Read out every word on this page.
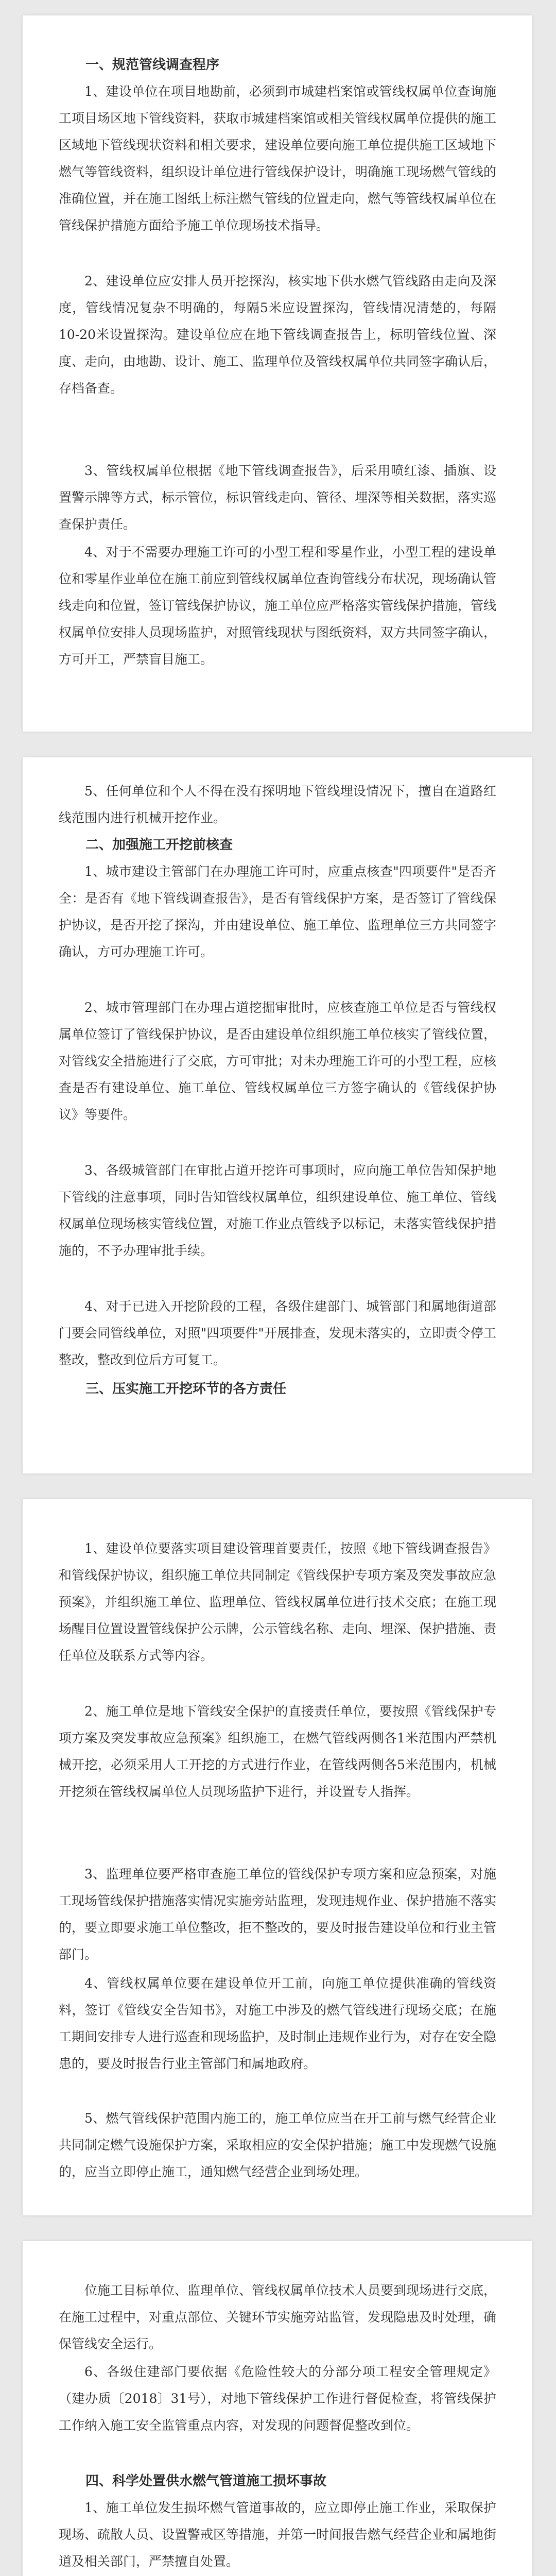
一、规范管线调查程序

1、建设单位在项目地勘前，必须到市城建档案馆或管线权属单位查询施工项目场区地下管线资料，获取市城建档案馆或相关管线权属单位提供的施工区域地下管线现状资料和相关要求，建设单位要向施工单位提供施工区域地下燃气等管线资料，组织设计单位进行管线保护设计，明确施工现场燃气管线的准确位置，并在施工图纸上标注燃气管线的位置走向，燃气等管线权属单位在管线保护措施方面给予施工单位现场技术指导。

2、建设单位应安排人员开挖探沟，核实地下供水燃气管线路由走向及深度，管线情况复杂不明确的，每隔5米应设置探沟，管线情况清楚的，每隔10-20米设置探沟。建设单位应在地下管线调查报告上，标明管线位置、深度、走向，由地勘、设计、施工、监理单位及管线权属单位共同签字确认后，存档备查。

3、管线权属单位根据《地下管线调查报告》，后采用喷红漆、插旗、设置警示牌等方式，标示管位，标识管线走向、管径、埋深等相关数据，落实巡查保护责任。

4、对于不需要办理施工许可的小型工程和零星作业，小型工程的建设单位和零星作业单位在施工前应到管线权属单位查询管线分布状况，现场确认管线走向和位置，签订管线保护协议，施工单位应严格落实管线保护措施，管线权属单位安排人员现场监护，对照管线现状与图纸资料，双方共同签字确认，方可开工，严禁盲目施工。

5、任何单位和个人不得在没有探明地下管线埋设情况下，擅自在道路红线范围内进行机械开挖作业。

二、加强施工开挖前核查

1、城市建设主管部门在办理施工许可时，应重点核查"四项要件"是否齐全：是否有《地下管线调查报告》，是否有管线保护方案，是否签订了管线保护协议，是否开挖了探沟，并由建设单位、施工单位、监理单位三方共同签字确认，方可办理施工许可。

2、城市管理部门在办理占道挖掘审批时，应核查施工单位是否与管线权属单位签订了管线保护协议，是否由建设单位组织施工单位核实了管线位置，对管线安全措施进行了交底，方可审批；对未办理施工许可的小型工程，应核查是否有建设单位、施工单位、管线权属单位三方签字确认的《管线保护协议》等要件。

3、各级城管部门在审批占道开挖许可事项时，应向施工单位告知保护地下管线的注意事项，同时告知管线权属单位，组织建设单位、施工单位、管线权属单位现场核实管线位置，对施工作业点管线予以标记，未落实管线保护措施的，不予办理审批手续。

4、对于已进入开挖阶段的工程，各级住建部门、城管部门和属地街道部门要会同管线单位，对照"四项要件"开展排查，发现未落实的，立即责令停工整改，整改到位后方可复工。

三、压实施工开挖环节的各方责任

1、建设单位要落实项目建设管理首要责任，按照《地下管线调查报告》和管线保护协议，组织施工单位共同制定《管线保护专项方案及突发事故应急预案》，并组织施工单位、监理单位、管线权属单位进行技术交底；在施工现场醒目位置设置管线保护公示牌，公示管线名称、走向、埋深、保护措施、责任单位及联系方式等内容。

2、施工单位是地下管线安全保护的直接责任单位，要按照《管线保护专项方案及突发事故应急预案》组织施工，在燃气管线两侧各1米范围内严禁机械开挖，必须采用人工开挖的方式进行作业，在管线两侧各5米范围内，机械开挖须在管线权属单位人员现场监护下进行，并设置专人指挥。

3、监理单位要严格审查施工单位的管线保护专项方案和应急预案，对施工现场管线保护措施落实情况实施旁站监理，发现违规作业、保护措施不落实的，要立即要求施工单位整改，拒不整改的，要及时报告建设单位和行业主管部门。

4、管线权属单位要在建设单位开工前，向施工单位提供准确的管线资料，签订《管线安全告知书》，对施工中涉及的燃气管线进行现场交底；在施工期间安排专人进行巡查和现场监护，及时制止违规作业行为，对存在安全隐患的，要及时报告行业主管部门和属地政府。

5、燃气管线保护范围内施工的，施工单位应当在开工前与燃气经营企业共同制定燃气设施保护方案，采取相应的安全保护措施；施工中发现燃气设施的，应当立即停止施工，通知燃气经营企业到场处理。

位施工目标单位、监理单位、管线权属单位技术人员要到现场进行交底，在施工过程中，对重点部位、关键环节实施旁站监管，发现隐患及时处理，确保管线安全运行。

6、各级住建部门要依据《危险性较大的分部分项工程安全管理规定》（建办质〔2018〕31号），对地下管线保护工作进行督促检查，将管线保护工作纳入施工安全监管重点内容，对发现的问题督促整改到位。

四、科学处置供水燃气管道施工损坏事故

1、施工单位发生损坏燃气管道事故的，应立即停止施工作业，采取保护现场、疏散人员、设置警戒区等措施，并第一时间报告燃气经营企业和属地街道及相关部门，严禁擅自处置。
